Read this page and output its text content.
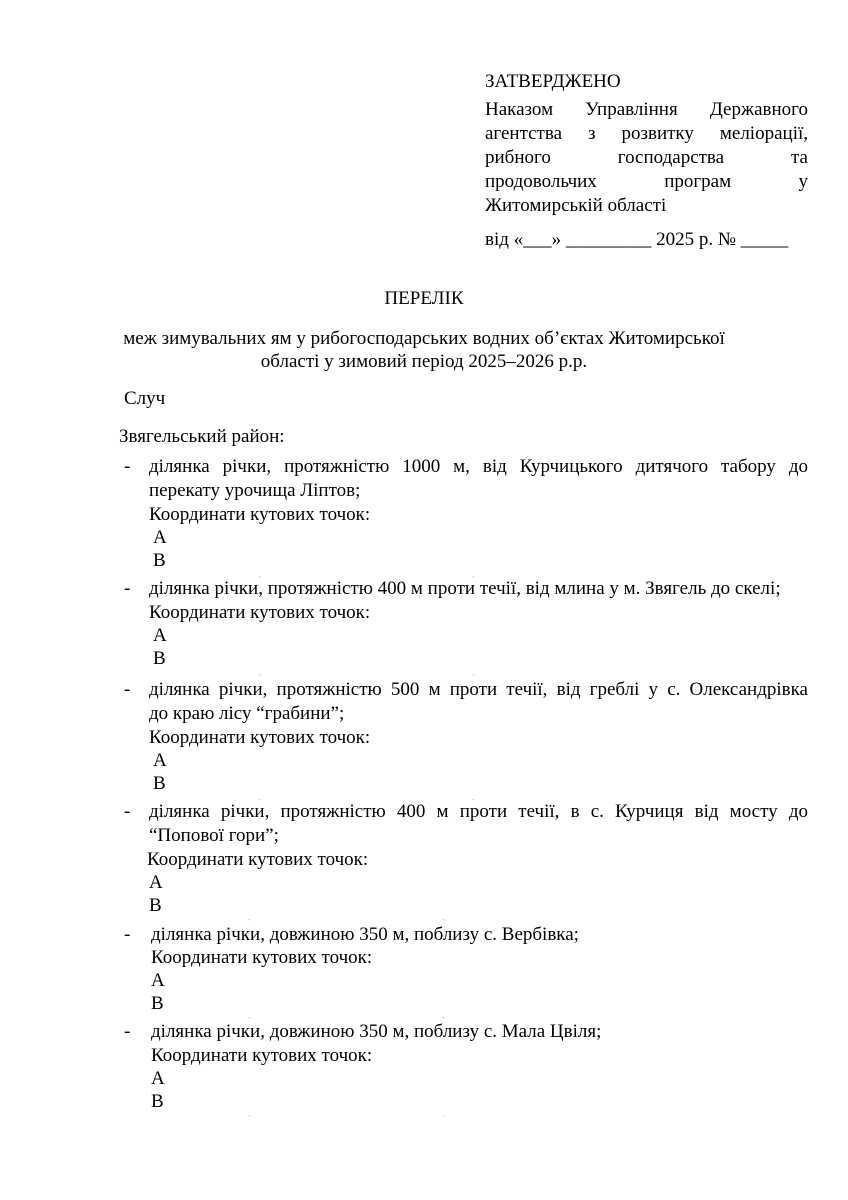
ЗАТВЕРДЖЕНО
Наказом Управління Державного
агентства з розвитку меліорації,
рибного господарства та
продовольчих програм у
Житомирській області
від «___» _________ 2025 р. № _____
ПЕРЕЛІК
меж зимувальних ям у рибогосподарських водних об’єктах Житомирської
області у зимовий період 2025–2026 р.р.
Случ
Звягельський район:
- ділянка річки, протяжністю 1000 м, від Курчицького дитячого табору до
перекату урочища Ліптов;
Координати кутових точок:
А
В
ˏ	ˏ
- ділянка річки, протяжністю 400 м проти течії, від млина у м. Звягель до скелі;
Координати кутових точок:
А
В
ˏ	ˏ
- ділянка річки, протяжністю 500 м проти течії, від греблі у с. Олександрівка
до краю лісу “грабини”;
Координати кутових точок:
А
В
ˏ	ˏ
- ділянка річки, протяжністю 400 м проти течії, в с. Курчиця від мосту до
“Попової гори”;
Координати кутових точок:
А
В	ˏ	ˏ
- ділянка річки, довжиною 350 м, поблизу с. Вербівка;
Координати кутових точок:
А
В	ˏ	ˏ
- ділянка річки, довжиною 350 м, поблизу с. Мала Цвіля;
Координати кутових точок:
А
В	ˏ	ˏ
